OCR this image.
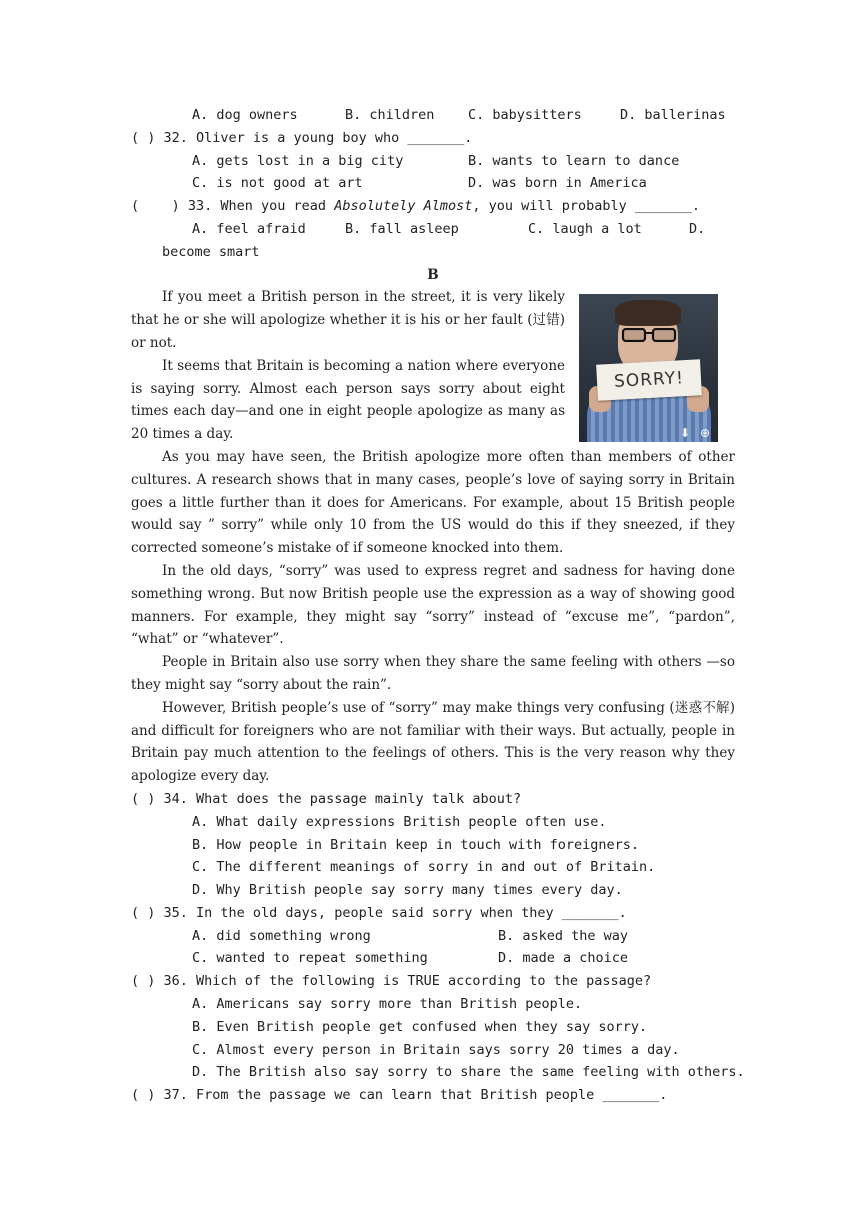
A. dog owners	B. children C. babysitters	D. ballerinas
( ) 32. Oliver is a young boy who _______.
A. gets lost in a big city	B. wants to learn to dance
C. is not good at art	D. was born in America
(    ) 33. When you read Absolutely Almost, you will probably _______.
A. feel afraid	B. fall asleep	C. laugh a lot	D.
become smart
B
If you meet a British person in the street, it is very likely that he or she will apologize whether it is his or her fault (过错) or not.
It seems that Britain is becoming a nation where everyone is saying sorry. Almost each person says sorry about eight times each day—and one in eight people apologize as many as 20 times a day.
As you may have seen, the British apologize more often than members of other cultures. A research shows that in many cases, people’s love of saying sorry in Britain goes a little further than it does for Americans. For example, about 15 British people would say ” sorry” while only 10 from the US would do this if they sneezed, if they corrected someone’s mistake of if someone knocked into them.
In the old days, “sorry” was used to express regret and sadness for having done something wrong. But now British people use the expression as a way of showing good manners. For example, they might say “sorry” instead of “excuse me”, “pardon”, “what” or “whatever”.
People in Britain also use sorry when they share the same feeling with others —so they might say “sorry about the rain”.
However, British people’s use of “sorry” may make things very confusing (迷惑不解) and difficult for foreigners who are not familiar with their ways. But actually, people in Britain pay much attention to the feelings of others. This is the very reason why they apologize every day.
( ) 34. What does the passage mainly talk about?
A. What daily expressions British people often use.
B. How people in Britain keep in touch with foreigners.
C. The different meanings of sorry in and out of Britain.
D. Why British people say sorry many times every day.
( ) 35. In the old days, people said sorry when they _______.
A. did something wrong	B. asked the way
C. wanted to repeat something	D. made a choice
( ) 36. Which of the following is TRUE according to the passage?
A. Americans say sorry more than British people.
B. Even British people get confused when they say sorry.
C. Almost every person in Britain says sorry 20 times a day.
D. The British also say sorry to share the same feeling with others.
( ) 37. From the passage we can learn that British people _______.
SORRY!
⬇ ⊕
